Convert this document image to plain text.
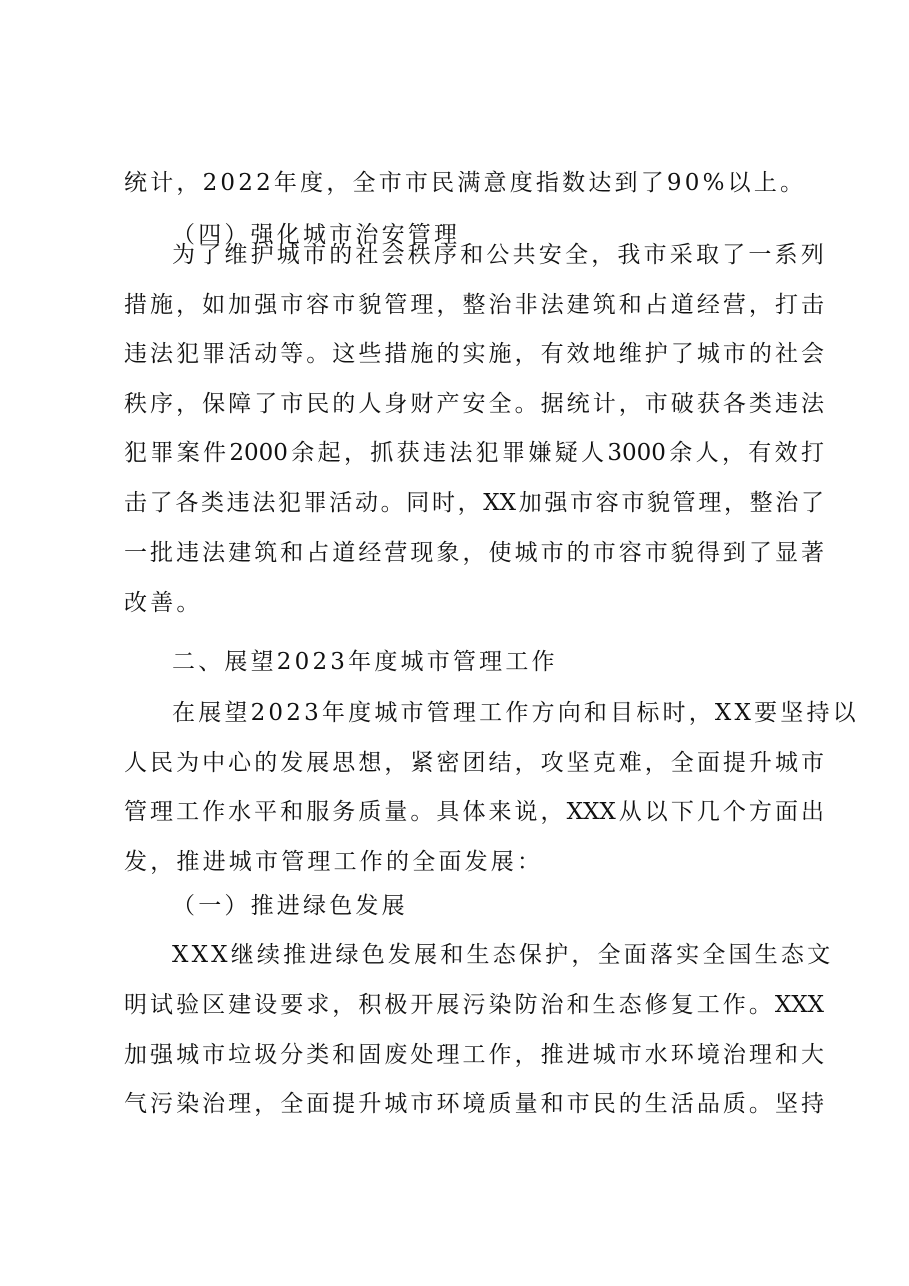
统计，2022年度，全市市民满意度指数达到了90%以上。
（四）强化城市治安管理
为了维护城市的社会秩序和公共安全，我市采取了一系列
措施，如加强市容市貌管理，整治非法建筑和占道经营，打击
违法犯罪活动等。这些措施的实施，有效地维护了城市的社会
秩序，保障了市民的人身财产安全。据统计，市破获各类违法
犯罪案件2000余起，抓获违法犯罪嫌疑人3000余人，有效打
击了各类违法犯罪活动。同时，XX加强市容市貌管理，整治了
一批违法建筑和占道经营现象，使城市的市容市貌得到了显著
改善。
二、展望2023年度城市管理工作
在展望2023年度城市管理工作方向和目标时，XX要坚持以
人民为中心的发展思想，紧密团结，攻坚克难，全面提升城市
管理工作水平和服务质量。具体来说，XXX从以下几个方面出
发，推进城市管理工作的全面发展：
（一）推进绿色发展
XXX继续推进绿色发展和生态保护，全面落实全国生态文
明试验区建设要求，积极开展污染防治和生态修复工作。XXX
加强城市垃圾分类和固废处理工作，推进城市水环境治理和大
气污染治理，全面提升城市环境质量和市民的生活品质。坚持
